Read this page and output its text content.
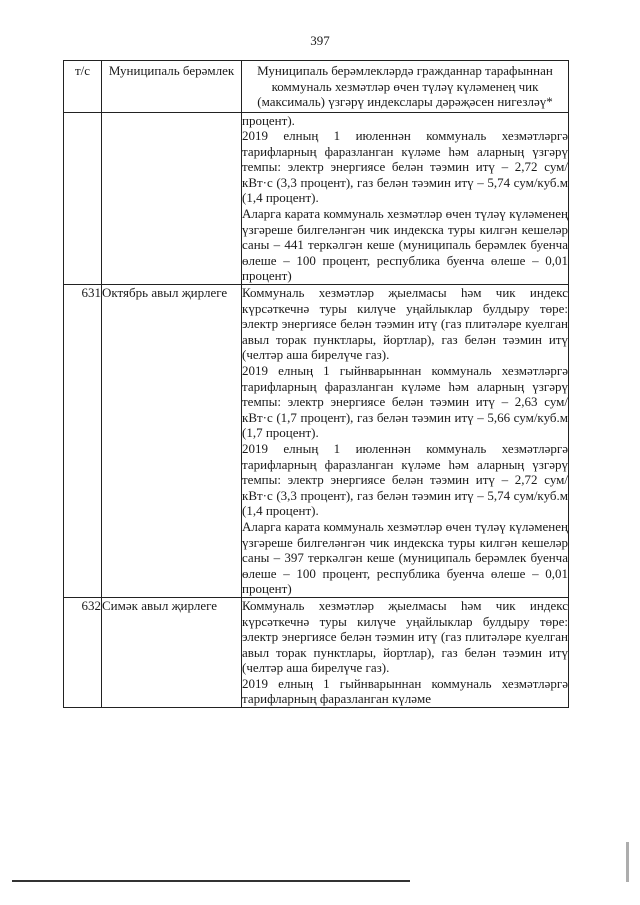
397
т/с	Муниципаль берәмлек	Муниципаль берәмлекләрдә гражданнар тарафыннан коммуналь хезмәтләр өчен түләү күләменең чик (максималь) үзгәрү индекслары дәрәҗәсен нигезләү*

		процент).
2019 елның 1 июленнән коммуналь хезмәтләргә тарифларның фаразланган күләме һәм аларның үзгәрү темпы: электр энергиясе белән тәэмин итү – 2,72 сум/кВт·с (3,3 процент), газ белән тәэмин итү – 5,74 сум/куб.м (1,4 процент).
Аларга карата коммуналь хезмәтләр өчен түләү күләменең үзгәреше билгеләнгән чик индекска туры килгән кешеләр саны – 441 теркәлгән кеше (муниципаль берәмлек буенча өлеше – 100 процент, республика буенча өлеше – 0,01 процент)

631	Октябрь авыл җирлеге	Коммуналь хезмәтләр җыелмасы һәм чик индекс күрсәткечнә туры килүче уңайлыклар булдыру төре: электр энергиясе белән тәэмин итү (газ плитәләре куелган авыл торак пунктлары, йортлар), газ белән тәэмин итү (челтәр аша бирелүче газ).
2019 елның 1 гыйнварыннан коммуналь хезмәтләргә тарифларның фаразланган күләме һәм аларның үзгәрү темпы: электр энергиясе белән тәэмин итү – 2,63 сум/кВт·с (1,7 процент), газ белән тәэмин итү – 5,66 сум/куб.м (1,7 процент).
2019 елның 1 июленнән коммуналь хезмәтләргә тарифларның фаразланган күләме һәм аларның үзгәрү темпы: электр энергиясе белән тәэмин итү – 2,72 сум/кВт·с (3,3 процент), газ белән тәэмин итү – 5,74 сум/куб.м (1,4 процент).
Аларга карата коммуналь хезмәтләр өчен түләү күләменең үзгәреше билгеләнгән чик индекска туры килгән кешеләр саны – 397 теркәлгән кеше (муниципаль берәмлек буенча өлеше – 100 процент, республика буенча өлеше – 0,01 процент)

632	Симәк авыл җирлеге	Коммуналь хезмәтләр җыелмасы һәм чик индекс күрсәткечнә туры килүче уңайлыклар булдыру төре: электр энергиясе белән тәэмин итү (газ плитәләре куелган авыл торак пунктлары, йортлар), газ белән тәэмин итү (челтәр аша бирелүче газ).
2019 елның 1 гыйнварыннан коммуналь хезмәтләргә тарифларның фаразланган күләме
